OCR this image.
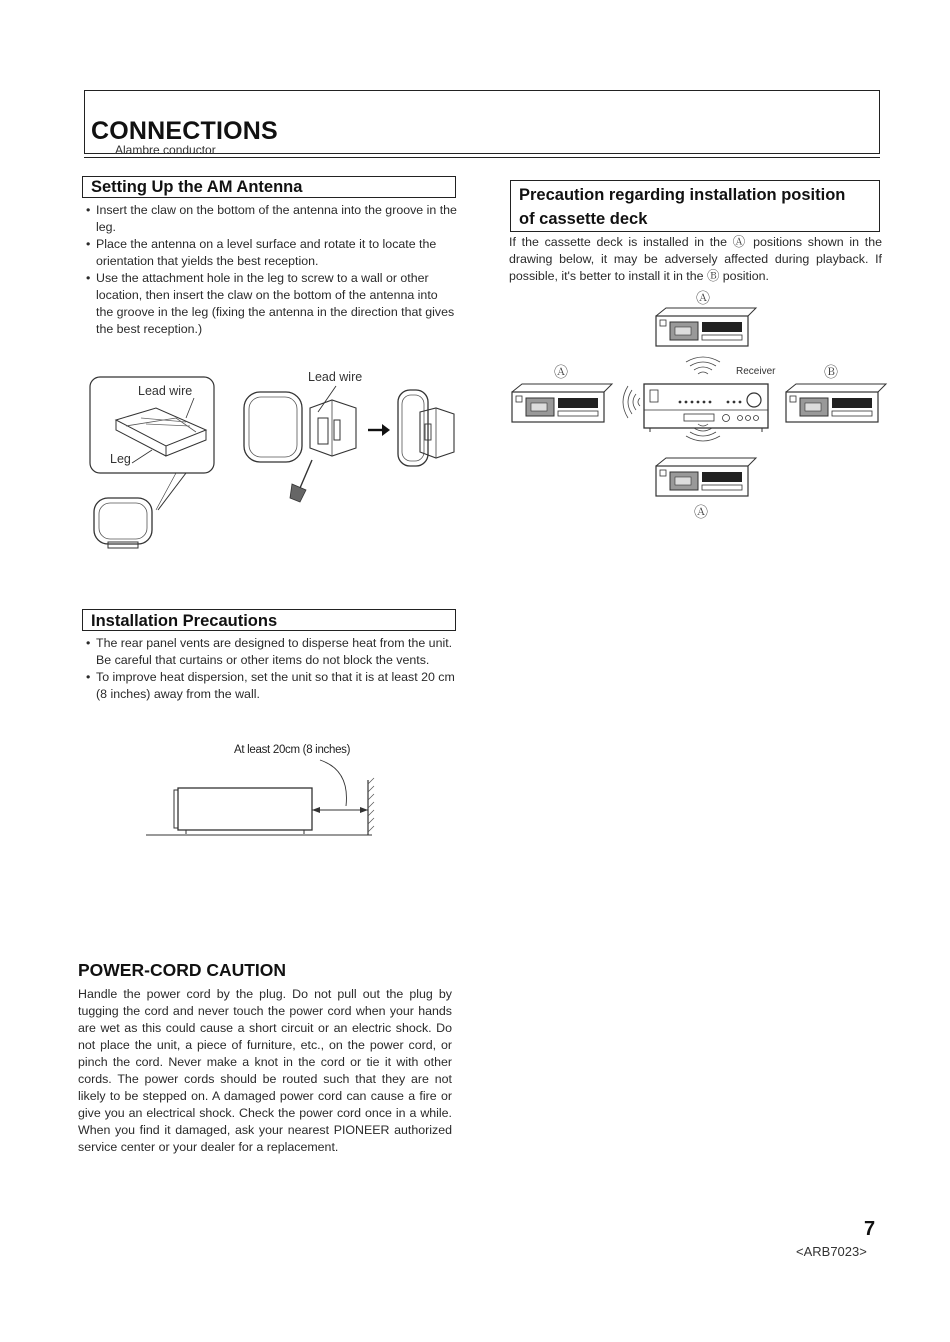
CONNECTIONS
Alambre conductor
Setting Up the AM Antenna
• Insert the claw on the bottom of the antenna into the groove in the leg.
• Place the antenna on a level surface and rotate it to locate the orientation that yields the best reception.
• Use the attachment hole in the leg to screw to a wall or other location, then insert the claw on the bottom of the antenna into the groove in the leg (fixing the antenna in the direction that gives the best reception.)
Lead wire
Leg
Lead wire
Precaution regarding installation position
of cassette deck
If the cassette deck is installed in the Ⓐ positions shown in the drawing below, it may be adversely affected during playback. If possible, it's better to install it in the Ⓑ position.
Ⓐ
Ⓐ	Receiver	Ⓑ
Ⓐ
Installation Precautions
• The rear panel vents are designed to disperse heat from the unit. Be careful that curtains or other items do not block the vents.
• To improve heat dispersion, set the unit so that it is at least 20 cm (8 inches) away from the wall.
At least 20cm (8 inches)
POWER-CORD CAUTION
Handle the power cord by the plug. Do not pull out the plug by tugging the cord and never touch the power cord when your hands are wet as this could cause a short circuit or an electric shock. Do not place the unit, a piece of furniture, etc., on the power cord, or pinch the cord. Never make a knot in the cord or tie it with other cords. The power cords should be routed such that they are not likely to be stepped on. A damaged power cord can cause a fire or give you an electrical shock. Check the power cord once in a while. When you find it damaged, ask your nearest PIONEER authorized service center or your dealer for a replacement.
7
<ARB7023>
